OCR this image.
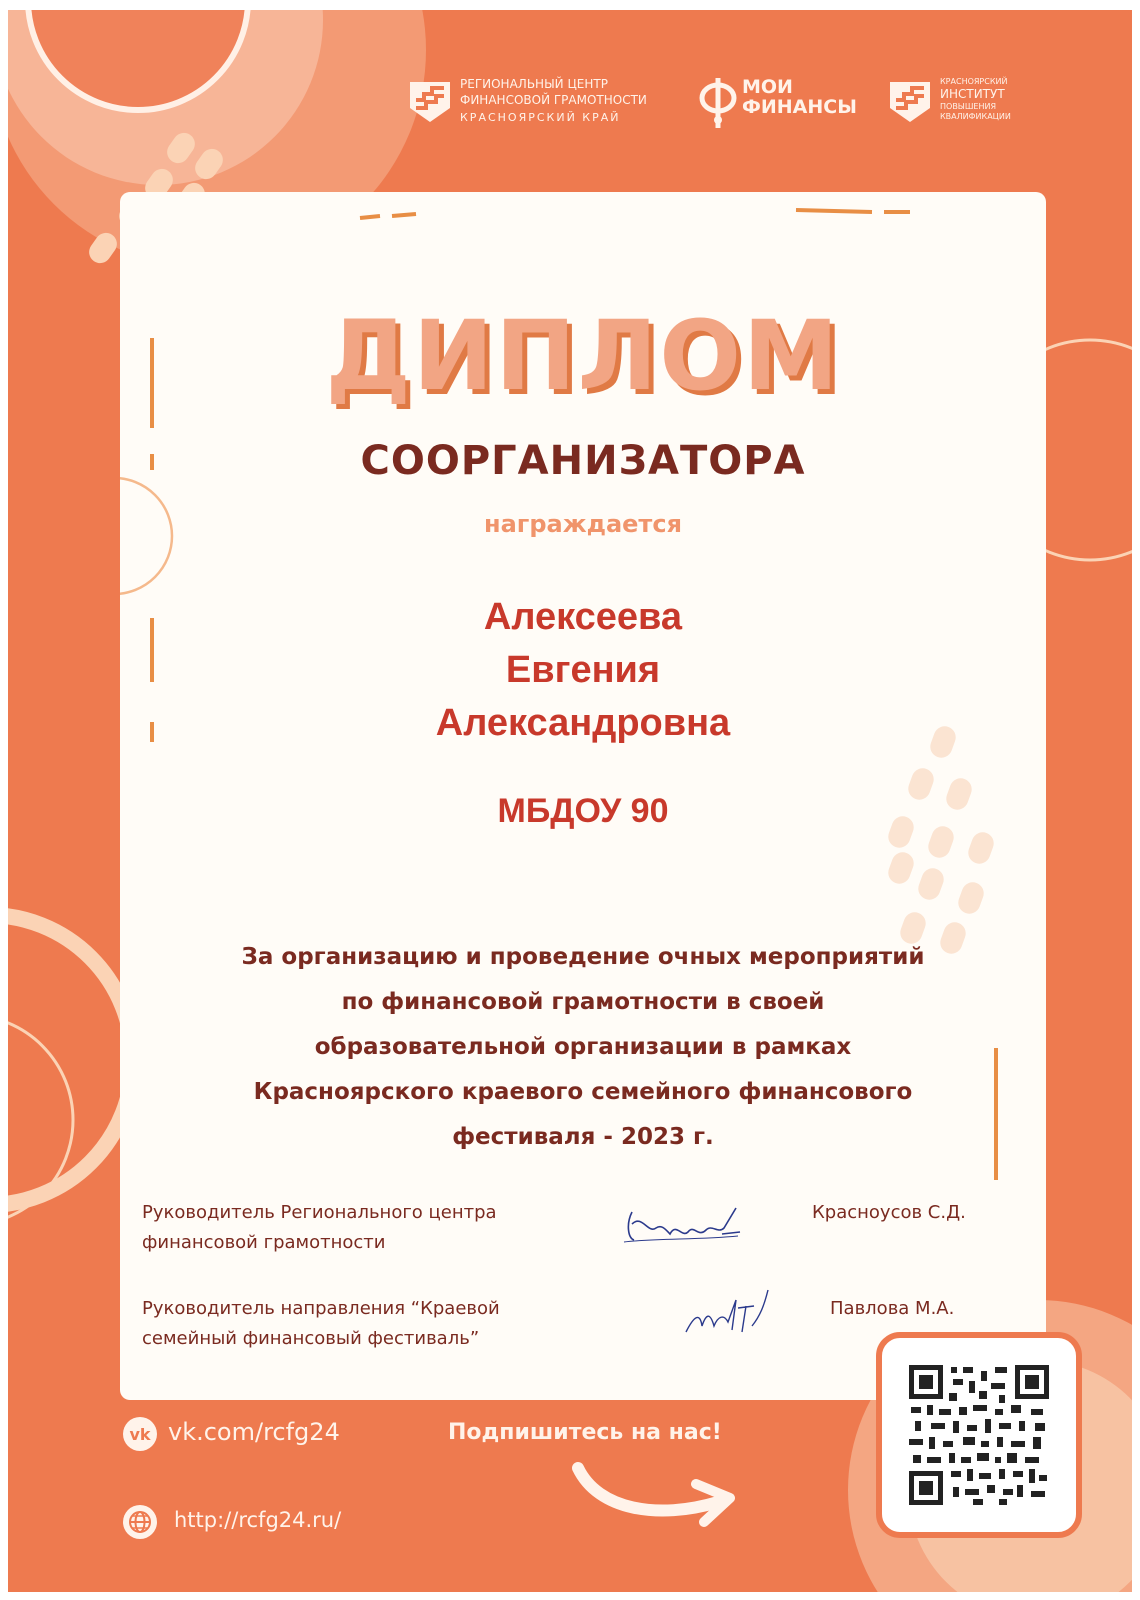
РЕГИОНАЛЬНЫЙ ЦЕНТР
ФИНАНСОВОЙ ГРАМОТНОСТИ
КРАСНОЯРСКИЙ КРАЙ
МОИ
ФИНАНСЫ
КРАСНОЯРСКИЙ
ИНСТИТУТ
ПОВЫШЕНИЯ
КВАЛИФИКАЦИИ
ДИПЛОМ
СООРГАНИЗАТОРА
награждается
Алексеева
Евгения
Александровна
МБДОУ 90
За организацию и проведение очных мероприятий
по финансовой грамотности в своей
образовательной организации в рамках
Красноярского краевого семейного финансового
фестиваля - 2023 г.
Руководитель Регионального центра
финансовой грамотности
Красноусов С.Д.
Руководитель направления “Краевой
семейный финансовый фестиваль”
Павлова М.А.
vk vk.com/rcfg24
http://rcfg24.ru/
Подпишитесь на нас!
